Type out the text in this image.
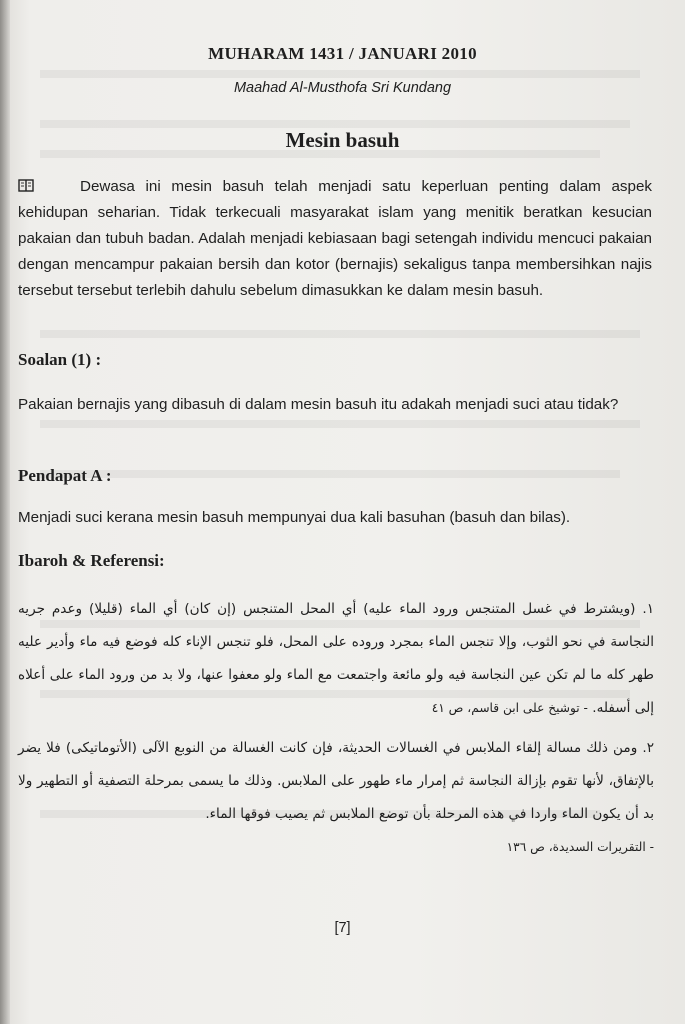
MUHARAM 1431 / JANUARI 2010
Maahad Al-Musthofa Sri Kundang
Mesin basuh
Dewasa ini mesin basuh telah menjadi satu keperluan penting dalam aspek kehidupan seharian. Tidak terkecuali masyarakat islam yang menitik beratkan kesucian pakaian dan tubuh badan. Adalah menjadi kebiasaan bagi setengah individu mencuci pakaian dengan mencampur pakaian bersih dan kotor (bernajis) sekaligus tanpa membersihkan najis tersebut tersebut terlebih dahulu sebelum dimasukkan ke dalam mesin basuh.
Soalan (1) :
Pakaian bernajis yang dibasuh di dalam mesin basuh itu adakah menjadi suci atau tidak?
Pendapat A :
Menjadi suci kerana mesin basuh mempunyai dua kali basuhan (basuh dan bilas).
Ibaroh & Referensi:
١. (ويشترط في غسل المتنجس ورود الماء عليه) أي المحل المتنجس (إن كان) أي الماء (قليلا) وعدم جريه النجاسة في نحو الثوب، وإلا تنجس الماء بمجرد وروده على المحل، فلو تنجس الإناء كله فوضع فيه ماء وأدير عليه طهر كله ما لم تكن عين النجاسة فيه ولو مائعة واجتمعت مع الماء ولو معفوا عنها، ولا بد من ورود الماء على أعلاه إلى أسفله. - توشيخ على ابن قاسم، ص ٤١
٢. ومن ذلك مسالة إلقاء الملابس في الغسالات الحديثة، فإن كانت الغسالة من النوبع الآلى (الأتوماتيكى) فلا يضر بالإتفاق، لأنها تقوم بإزالة النجاسة ثم إمرار ماء طهور على الملابس. وذلك ما يسمى بمرحلة التصفية أو التطهير ولا بد أن يكون الماء واردا في هذه المرحلة بأن توضع الملابس ثم يصيب فوقها الماء.
- التقريرات السديدة، ص ١٣٦
[7]
